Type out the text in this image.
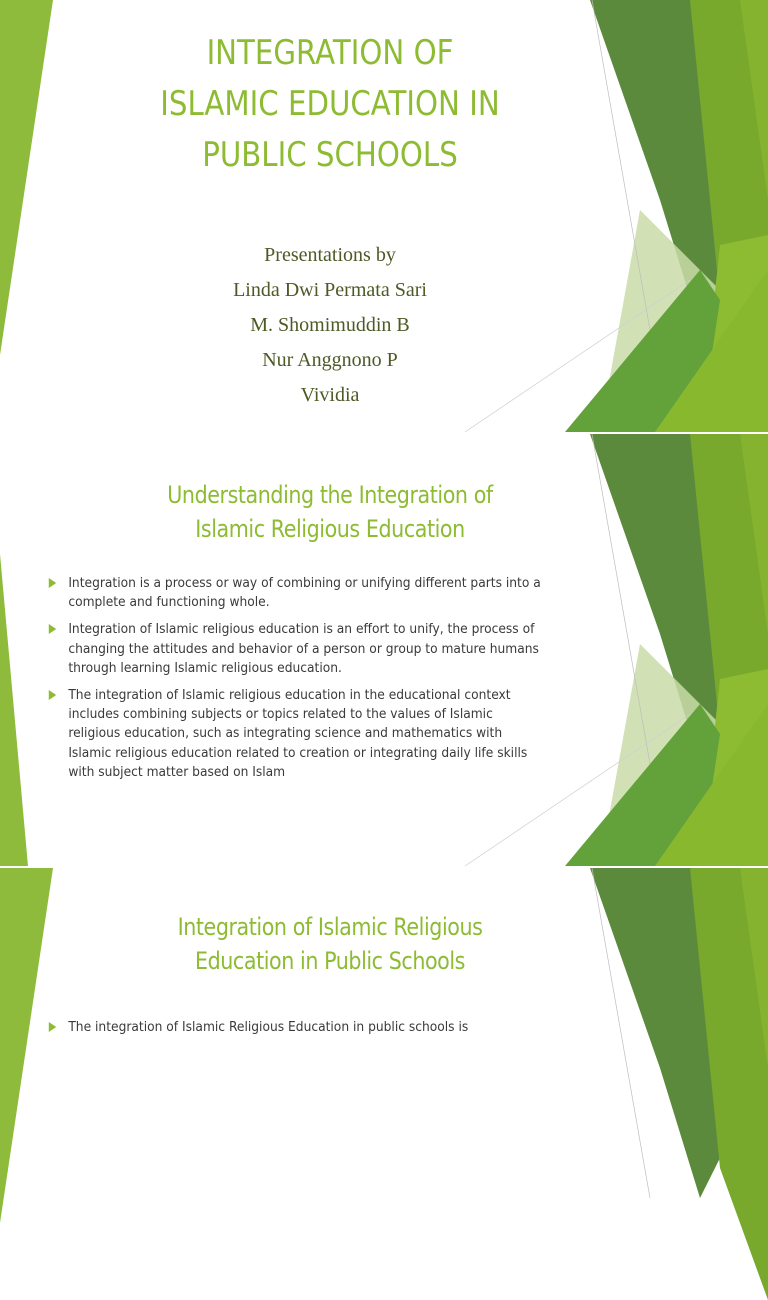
INTEGRATION OF
ISLAMIC EDUCATION IN
PUBLIC SCHOOLS
Presentations by
Linda Dwi Permata Sari
M. Shomimuddin B
Nur Anggnono P
Vividia
Understanding the Integration of
Islamic Religious Education
Integration is a process or way of combining or unifying different parts into a complete and functioning whole.
Integration of Islamic religious education is an effort to unify, the process of changing the attitudes and behavior of a person or group to mature humans through learning Islamic religious education.
The integration of Islamic religious education in the educational context includes combining subjects or topics related to the values of Islamic religious education, such as integrating science and mathematics with Islamic religious education related to creation or integrating daily life skills with subject matter based on Islam
Integration of Islamic Religious
Education in Public Schools
The integration of Islamic Religious Education in public schools is
